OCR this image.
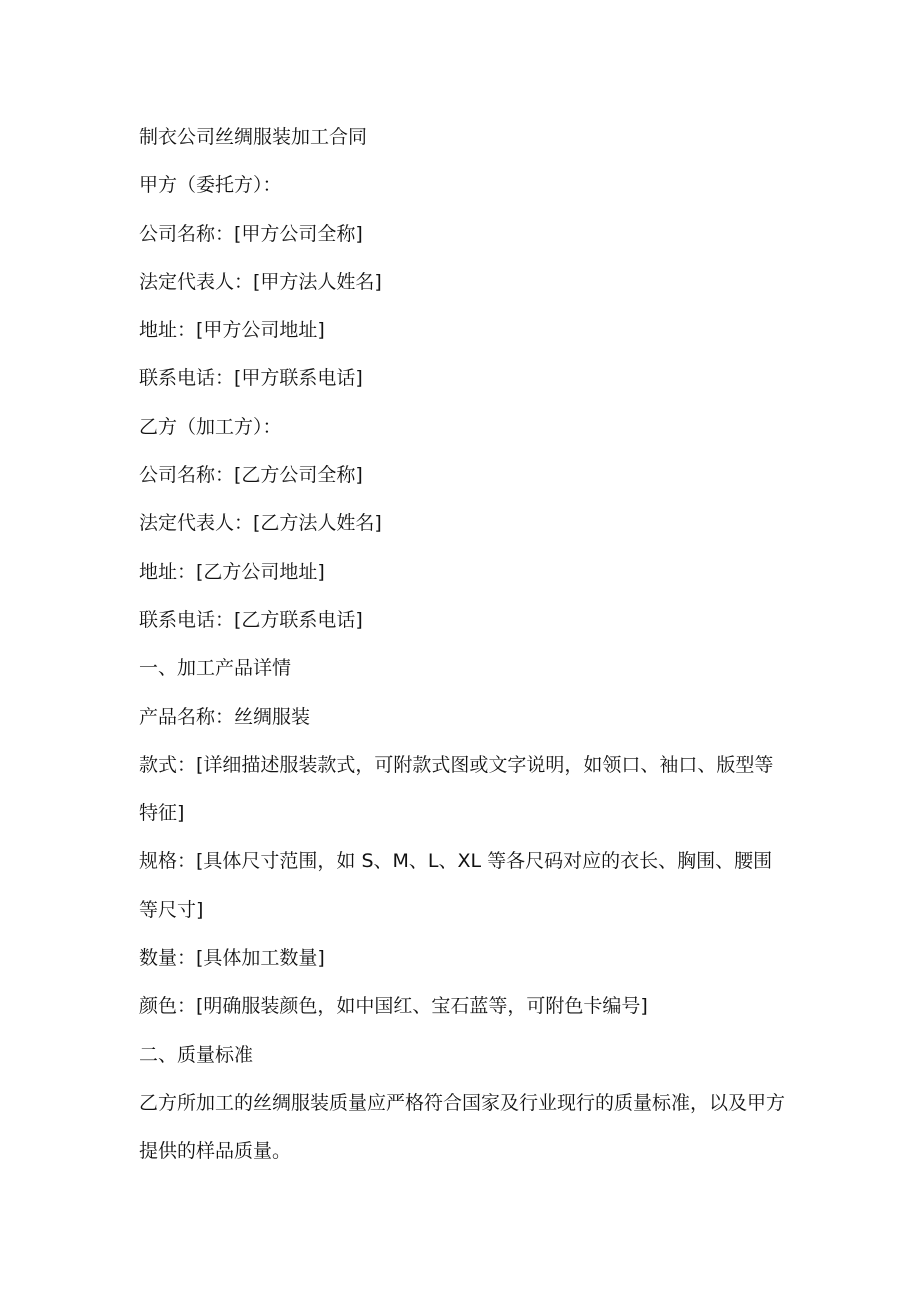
制衣公司丝绸服装加工合同

甲方（委托方）：

公司名称：[甲方公司全称]

法定代表人：[甲方法人姓名]

地址：[甲方公司地址]

联系电话：[甲方联系电话]

乙方（加工方）：

公司名称：[乙方公司全称]

法定代表人：[乙方法人姓名]

地址：[乙方公司地址]

联系电话：[乙方联系电话]

一、加工产品详情

产品名称：丝绸服装

款式：[详细描述服装款式，可附款式图或文字说明，如领口、袖口、版型等特征]

规格：[具体尺寸范围，如 S、M、L、XL 等各尺码对应的衣长、胸围、腰围等尺寸]

数量：[具体加工数量]

颜色：[明确服装颜色，如中国红、宝石蓝等，可附色卡编号]

二、质量标准

乙方所加工的丝绸服装质量应严格符合国家及行业现行的质量标准，以及甲方提供的样品质量。
